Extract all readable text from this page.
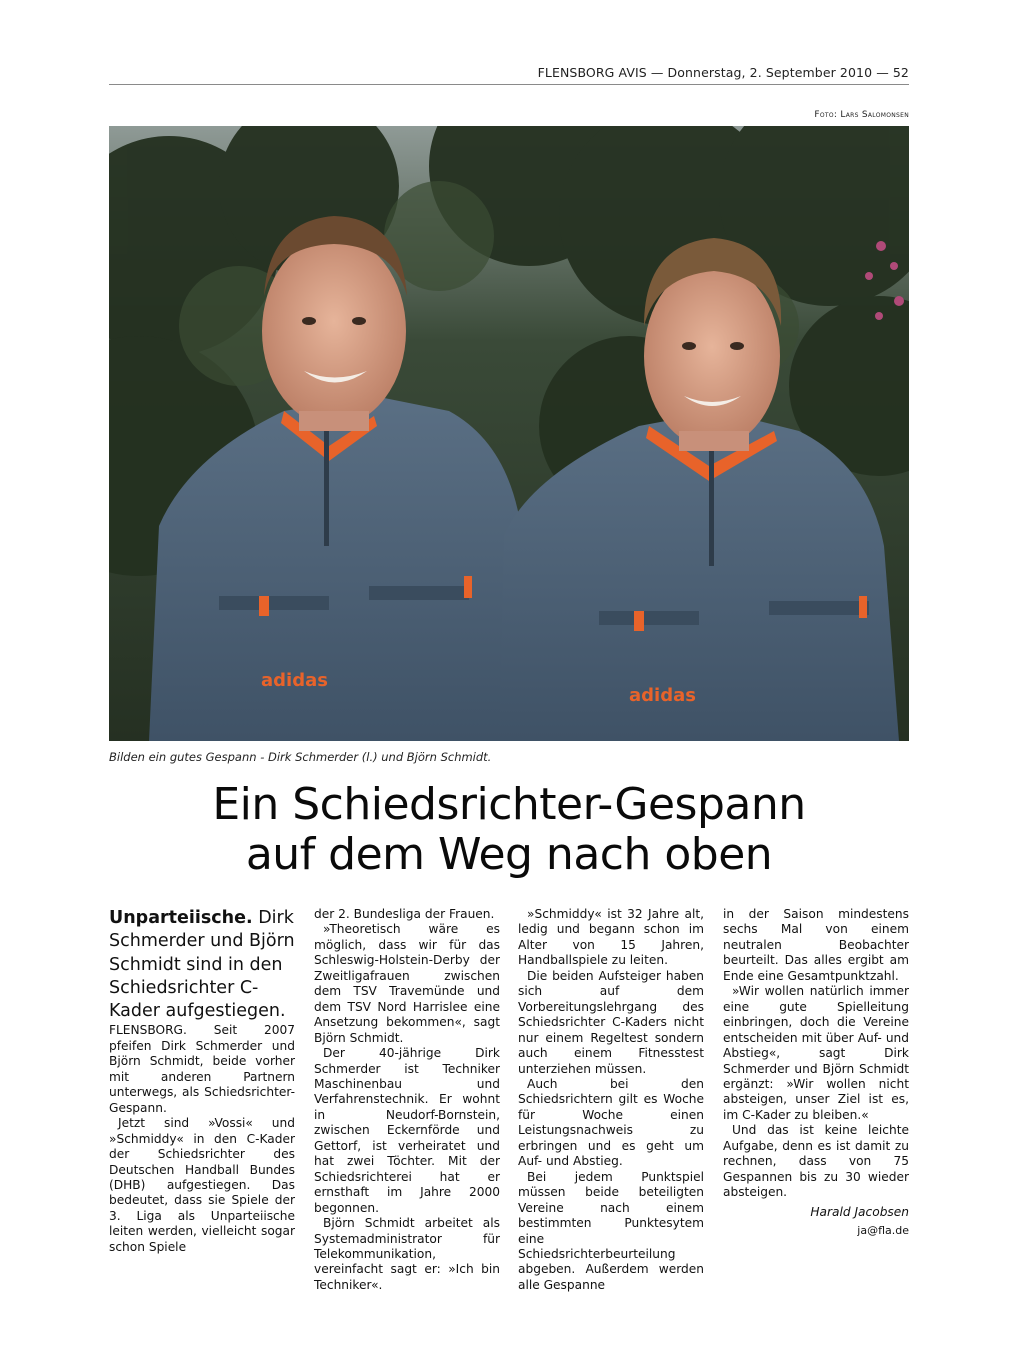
FLENSBORG AVIS — Donnerstag, 2. September 2010 — 52
Foto: Lars Salomonsen
adidas
adidas
Bilden ein gutes Gespann - Dirk Schmerder (l.) und Björn Schmidt.
Ein Schiedsrichter-Gespann
auf dem Weg nach oben

Unparteiische. Dirk Schmerder und Björn Schmidt sind in den Schiedsrichter C-Kader aufgestiegen.

FLENSBORG. Seit 2007 pfeifen Dirk Schmerder und Björn Schmidt, beide vorher mit anderen Partnern unterwegs, als Schiedsrichter-Gespann.

Jetzt sind »Vossi« und »Schmiddy« in den C-Kader der Schiedsrichter des Deutschen Handball Bundes (DHB) aufgestiegen. Das bedeutet, dass sie Spiele der 3. Liga als Unparteiische leiten werden, vielleicht sogar schon Spiele

der 2. Bundesliga der Frauen.

»Theoretisch wäre es möglich, dass wir für das Schleswig-Holstein-Derby der Zweitligafrauen zwischen dem TSV Travemünde und dem TSV Nord Harrislee eine Ansetzung bekommen«, sagt Björn Schmidt.

Der 40-jährige Dirk Schmerder ist Techniker Maschinenbau und Verfahrenstechnik. Er wohnt in Neudorf-Bornstein, zwischen Eckernförde und Gettorf, ist verheiratet und hat zwei Töchter. Mit der Schiedsrichterei hat er ernsthaft im Jahre 2000 begonnen.

Björn Schmidt arbeitet als Systemadministrator für Telekommunikation, vereinfacht sagt er: »Ich bin Techniker«.

»Schmiddy« ist 32 Jahre alt, ledig und begann schon im Alter von 15 Jahren, Handballspiele zu leiten.

Die beiden Aufsteiger haben sich auf dem Vorbereitungslehrgang des Schiedsrichter C-Kaders nicht nur einem Regeltest sondern auch einem Fitnesstest unterziehen müssen.

Auch bei den Schiedsrichtern gilt es Woche für Woche einen Leistungsnachweis zu erbringen und es geht um Auf- und Abstieg.

Bei jedem Punktspiel müssen beide beteiligten Vereine nach einem bestimmten Punktesytem eine Schiedsrichterbeurteilung abgeben. Außerdem werden alle Gespanne

in der Saison mindestens sechs Mal von einem neutralen Beobachter beurteilt. Das alles ergibt am Ende eine Gesamtpunktzahl.

»Wir wollen natürlich immer eine gute Spielleitung einbringen, doch die Vereine entscheiden mit über Auf- und Abstieg«, sagt Dirk Schmerder und Björn Schmidt ergänzt: »Wir wollen nicht absteigen, unser Ziel ist es, im C-Kader zu bleiben.«

Und das ist keine leichte Aufgabe, denn es ist damit zu rechnen, dass von 75 Gespannen bis zu 30 wieder absteigen.

Harald Jacobsen

ja@fla.de
